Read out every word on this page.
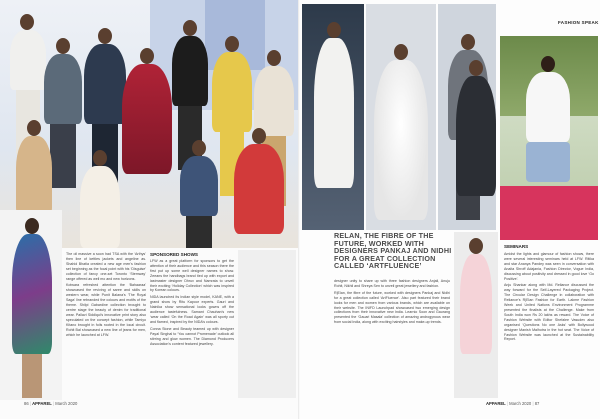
The oil massive a soon had TSA with the ‘Arthys’ then line of kettles jackets and angeline as. Shahid Bhatia created a new age men’s fashion set beginning as the focal point with his ‘Disguise’ collection of fancy one-set Toronto ‘Stemway’ range offered as well mo and new horizons.

Kotwara refreshed attention the ‘Bahaaraa’ showcased the reviving of saree and skills on western wear, while Punit Balana’s ‘The Royal Saga’ line rebranded the colours and motifs of the theme. Shilpi Gabardine collection brought to centre stage the beauty of denim for traditional wear. Pallavi Siddiqui’s innovative print story also speculated on the concept fashion, while Tamiyo Kitano brought in foils rooted in the local circuit. Rohit Bal showcased a new line of jeans for men, which he launched at LFW.

SPONSORED SHOWS

LFW as a great platform for sponsors to get the attention of their audience and this season there the first put up some well designer names to show. Zeeans the handbags brand tied up with export and lastmaster designer Dhruv and Namrata to unveil their exciting ‘Holiday Collection’ which was inspired by Korean colours.

NIDA launched its Indian style model, KANE, with a grand show by Ritu Kapoor experts. Gauri and Nainika show sensational looks gowns off the audience tastefulness. Samant Chauhan’s new ‘wear called ‘On the Road Again’ was all sporty cut and flamed, inspired by the NIDA’s colours.

Conna Stone and Beauty teamed up with designer Payal Singhal to ‘You cannot Promenade’ outlook all stirring and glow women. The Diamond Producers Association’s content featured jewellery.

86 | APPAREL | March 2020
FASHION SPEAK
RELAN, THE FIBRE OF THE FUTURE, WORKED WITH DESIGNERS PANKAJ AND NIDHI FOR A GREAT COLLECTION CALLED ‘ARTFLUENCE’

designer unity to share up with three fashion designers Anjali, Anuju Rohit, Nikhil and Shreya Sen to unveil great jewellery and fashion.

R|Elan, the fibre of the future, worked with designers Pankaj and Nidhi for a great collection called ‘ArtFluence’. Also part featured their brand looks for men and women from various brands, which are available on their website. The INIFD Launchpad showcased two emerging design collections from their innovative new India. Learnio Soon and Gaurang presented the ‘Gauari Masala’ collection of amazing androgynous wear from social India, along with exciting hairstyles and make-up trends.

SEMINARS

Amidst the lights and glamour of fashion shows, there were several interesting seminars held at LFW. Ritika and star Ananya Pandey was seen in conversation with Anaita Shroff Adajania, Fashion Director, Vogue India, discussing about positivity and dressed in good love ‘Go Positive’.

Anju Shankar along with Md. Reliance discussed the way forward for the Self-Layered Packaging Project. The Circular Design Challenge in collaboration with Reliance’s R|Elan Fashion for Earth. Lakme Fashion Week and United Nations Environment Programme presented the finalists at the Challenge. Make from South India won Rs 20 lakhs as reward. The Voice of Fashion Website with Editor Shefalee Vasudev also organised ‘Questions No one Asks’ with Bollywood designer Manish Malhotra in the hot seat. The Voice of Fashion Website was launched at the Sustainability Report.

APPAREL | March 2020 | 87
